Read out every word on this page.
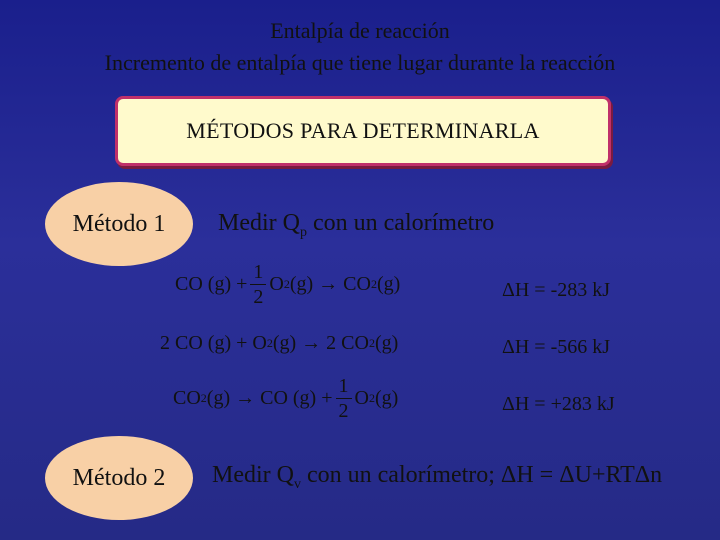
Entalpía de reacción
Incremento de entalpía que tiene lugar durante la reacción
MÉTODOS PARA DETERMINARLA
Método 1 Medir $Q_p$ con un calorímetro
CO $(g) + \frac{1}{2}$ O 2 (g) → CO 2 (g)	ΔH = -283 kJ
2 CO (g) + O 2 (g) → 2 CO 2 (g)	ΔH = -566 kJ
CO 2 (g) → CO $(g) + \frac{1}{2}$ O 2 (g)	ΔH = +283 kJ
Método 2 Medir $Q_v$ con un calorímetro; ΔH = ΔU+RTΔn
